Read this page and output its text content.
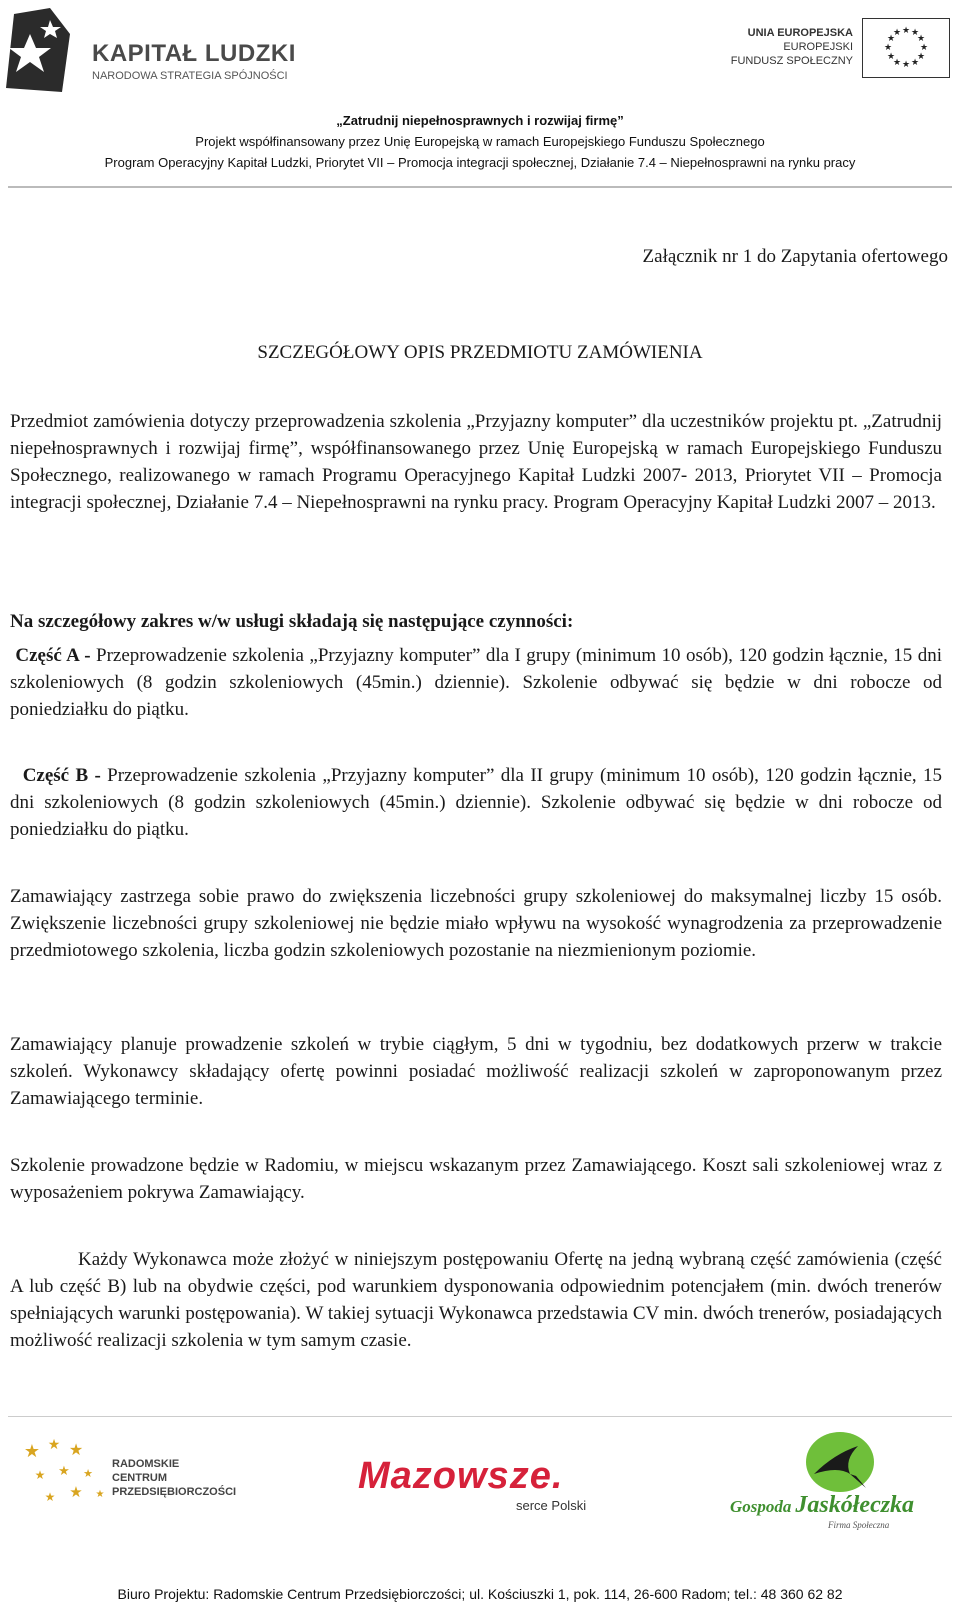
KAPITAŁ LUDZKI
NARODOWA STRATEGIA SPÓJNOŚCI
UNIA EUROPEJSKA
EUROPEJSKI
FUNDUSZ SPOŁECZNY
★ ★
★
★
★
★
★
★
★
★
★
★
„Zatrudnij niepełnosprawnych i rozwijaj firmę”
Projekt współfinansowany przez Unię Europejską w ramach Europejskiego Funduszu Społecznego
Program Operacyjny Kapitał Ludzki, Priorytet VII – Promocja integracji społecznej, Działanie 7.4 – Niepełnosprawni na rynku pracy
Załącznik nr 1 do Zapytania ofertowego
SZCZEGÓŁOWY OPIS PRZEDMIOTU ZAMÓWIENIA

Przedmiot zamówienia dotyczy przeprowadzenia szkolenia „Przyjazny komputer” dla uczestników projektu pt. „Zatrudnij niepełnosprawnych i rozwijaj firmę”, współfinansowanego przez Unię Europejską w ramach Europejskiego Funduszu Społecznego, realizowanego w ramach Programu Operacyjnego Kapitał Ludzki 2007- 2013, Priorytet VII – Promocja integracji społecznej, Działanie 7.4 – Niepełnosprawni na rynku pracy. Program Operacyjny Kapitał Ludzki 2007 – 2013.

Na szczegółowy zakres w/w usługi składają się następujące czynności:

Część A - Przeprowadzenie szkolenia „Przyjazny komputer” dla I grupy (minimum 10 osób), 120 godzin łącznie, 15 dni szkoleniowych (8 godzin szkoleniowych (45min.) dziennie). Szkolenie odbywać się będzie w dni robocze od poniedziałku do piątku.

Część B - Przeprowadzenie szkolenia „Przyjazny komputer” dla II grupy (minimum 10 osób), 120 godzin łącznie, 15 dni szkoleniowych (8 godzin szkoleniowych (45min.) dziennie). Szkolenie odbywać się będzie w dni robocze od poniedziałku do piątku.

Zamawiający zastrzega sobie prawo do zwiększenia liczebności grupy szkoleniowej do maksymalnej liczby 15 osób. Zwiększenie liczebności grupy szkoleniowej nie będzie miało wpływu na wysokość wynagrodzenia za przeprowadzenie przedmiotowego szkolenia, liczba godzin szkoleniowych pozostanie na niezmienionym poziomie.

Zamawiający planuje prowadzenie szkoleń w trybie ciągłym, 5 dni w tygodniu, bez dodatkowych przerw w trakcie szkoleń. Wykonawcy składający ofertę powinni posiadać możliwość realizacji szkoleń w zaproponowanym przez Zamawiającego terminie.

Szkolenie prowadzone będzie w Radomiu, w miejscu wskazanym przez Zamawiającego. Koszt sali szkoleniowej wraz z wyposażeniem pokrywa Zamawiający.

Każdy Wykonawca może złożyć w niniejszym postępowaniu Ofertę na jedną wybraną część zamówienia (część A lub część B) lub na obydwie części, pod warunkiem dysponowania odpowiednim potencjałem (min. dwóch trenerów spełniających warunki postępowania). W takiej sytuacji Wykonawca przedstawia CV min. dwóch trenerów, posiadających możliwość realizacji szkolenia w tym samym czasie.

★ ★ ★
★ ★ ★
★ ★ ★
RADOMSKIE
CENTRUM
PRZEDSIĘBIORCZOŚCI	Mazowsze.
serce Polski	Gospoda Jaskółeczka
Firma Społeczna
Biuro Projektu: Radomskie Centrum Przedsiębiorczości; ul. Kościuszki 1, pok. 114, 26-600 Radom; tel.: 48 360 62 82
